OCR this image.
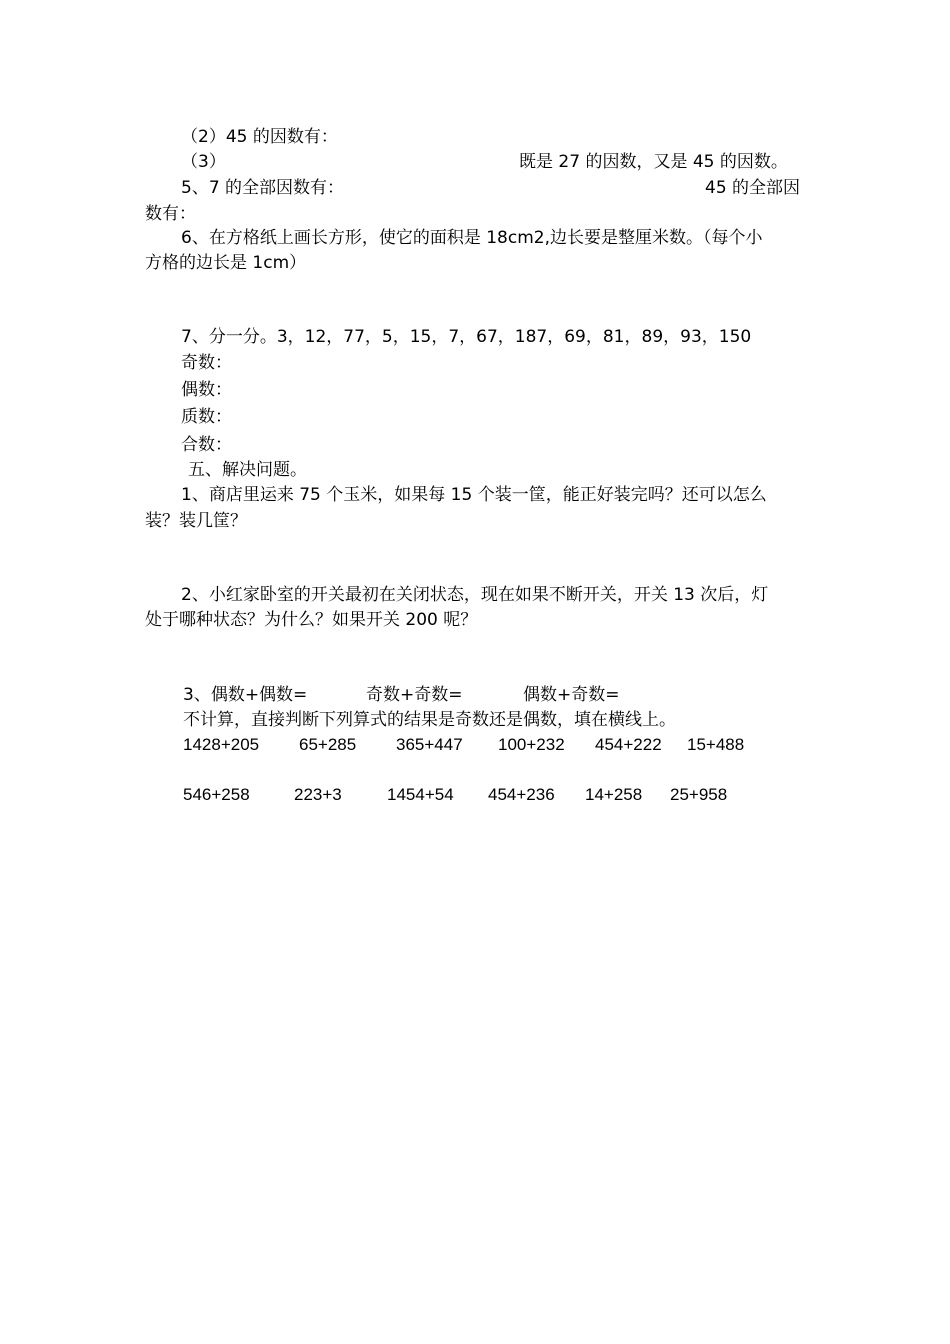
（2）45 的因数有：
（3）	既是 27 的因数，又是 45 的因数。
5、7 的全部因数有：	45 的全部因
数有：
6、在方格纸上画长方形，使它的面积是 18cm2,边长要是整厘米数。（每个小
方格的边长是 1cm）
7、分一分。3，12，77，5，15，7，67，187，69，81，89，93，150
奇数：
偶数：
质数：
合数：
五、解决问题。
1、商店里运来 75 个玉米，如果每 15 个装一筐，能正好装完吗？还可以怎么
装？装几筐？
2、小红家卧室的开关最初在关闭状态，现在如果不断开关，开关 13 次后，灯
处于哪种状态？为什么？如果开关 200 呢？
3、偶数+偶数=	奇数+奇数=	偶数+奇数=
不计算，直接判断下列算式的结果是奇数还是偶数，填在横线上。
1428+205 65+285 365+447 100+232 454+222 15+488
546+258	223+3	1454+54 454+236 14+258 25+958
